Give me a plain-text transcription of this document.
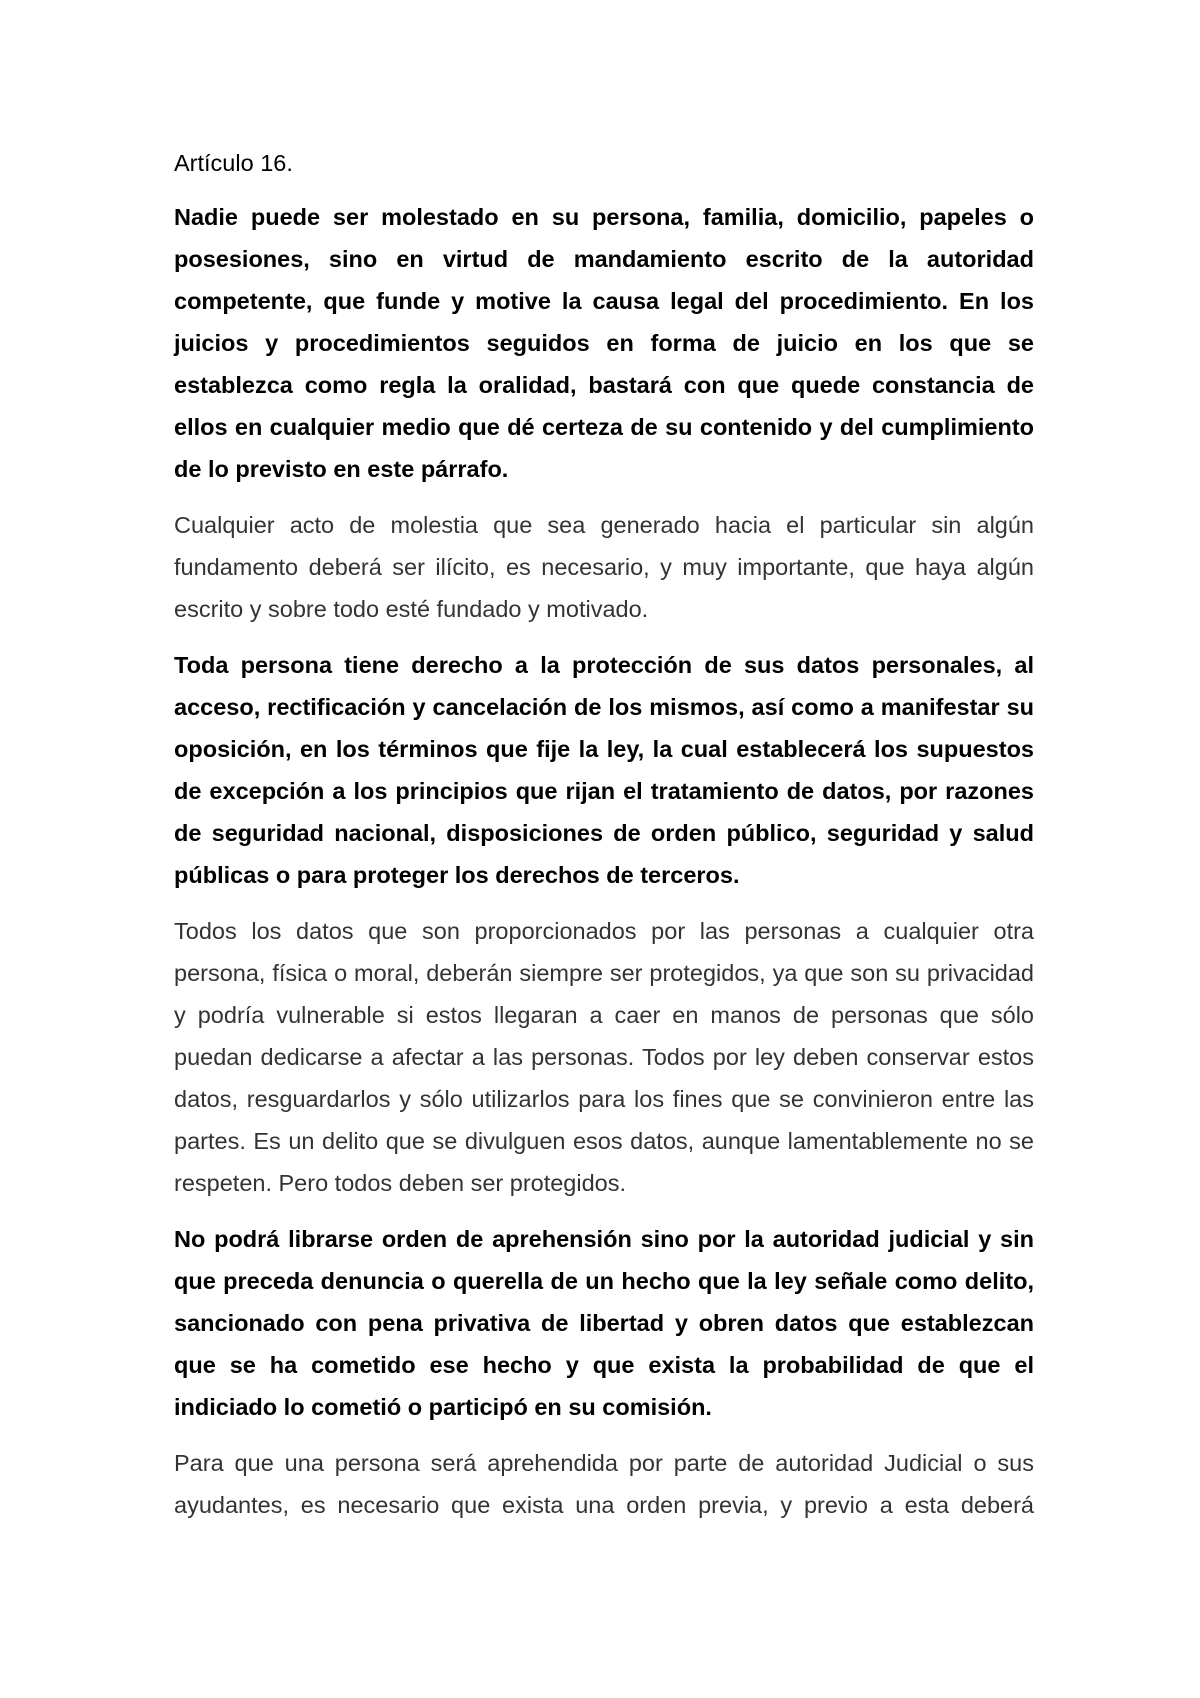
Artículo 16.

Nadie puede ser molestado en su persona, familia, domicilio, papeles o posesiones, sino en virtud de mandamiento escrito de la autoridad competente, que funde y motive la causa legal del procedimiento. En los juicios y procedimientos seguidos en forma de juicio en los que se establezca como regla la oralidad, bastará con que quede constancia de ellos en cualquier medio que dé certeza de su contenido y del cumplimiento de lo previsto en este párrafo.

Cualquier acto de molestia que sea generado hacia el particular sin algún fundamento deberá ser ilícito, es necesario, y muy importante, que haya algún escrito y sobre todo esté fundado y motivado.

Toda persona tiene derecho a la protección de sus datos personales, al acceso, rectificación y cancelación de los mismos, así como a manifestar su oposición, en los términos que fije la ley, la cual establecerá los supuestos de excepción a los principios que rijan el tratamiento de datos, por razones de seguridad nacional, disposiciones de orden público, seguridad y salud públicas o para proteger los derechos de terceros.

Todos los datos que son proporcionados por las personas a cualquier otra persona, física o moral, deberán siempre ser protegidos, ya que son su privacidad y podría vulnerable si estos llegaran a caer en manos de personas que sólo puedan dedicarse a afectar a las personas. Todos por ley deben conservar estos datos, resguardarlos y sólo utilizarlos para los fines que se convinieron entre las partes. Es un delito que se divulguen esos datos, aunque lamentablemente no se respeten. Pero todos deben ser protegidos.

No podrá librarse orden de aprehensión sino por la autoridad judicial y sin que preceda denuncia o querella de un hecho que la ley señale como delito, sancionado con pena privativa de libertad y obren datos que establezcan que se ha cometido ese hecho y que exista la probabilidad de que el indiciado lo cometió o participó en su comisión.

Para que una persona será aprehendida por parte de autoridad Judicial o sus ayudantes, es necesario que exista una orden previa, y previo a esta deberá
